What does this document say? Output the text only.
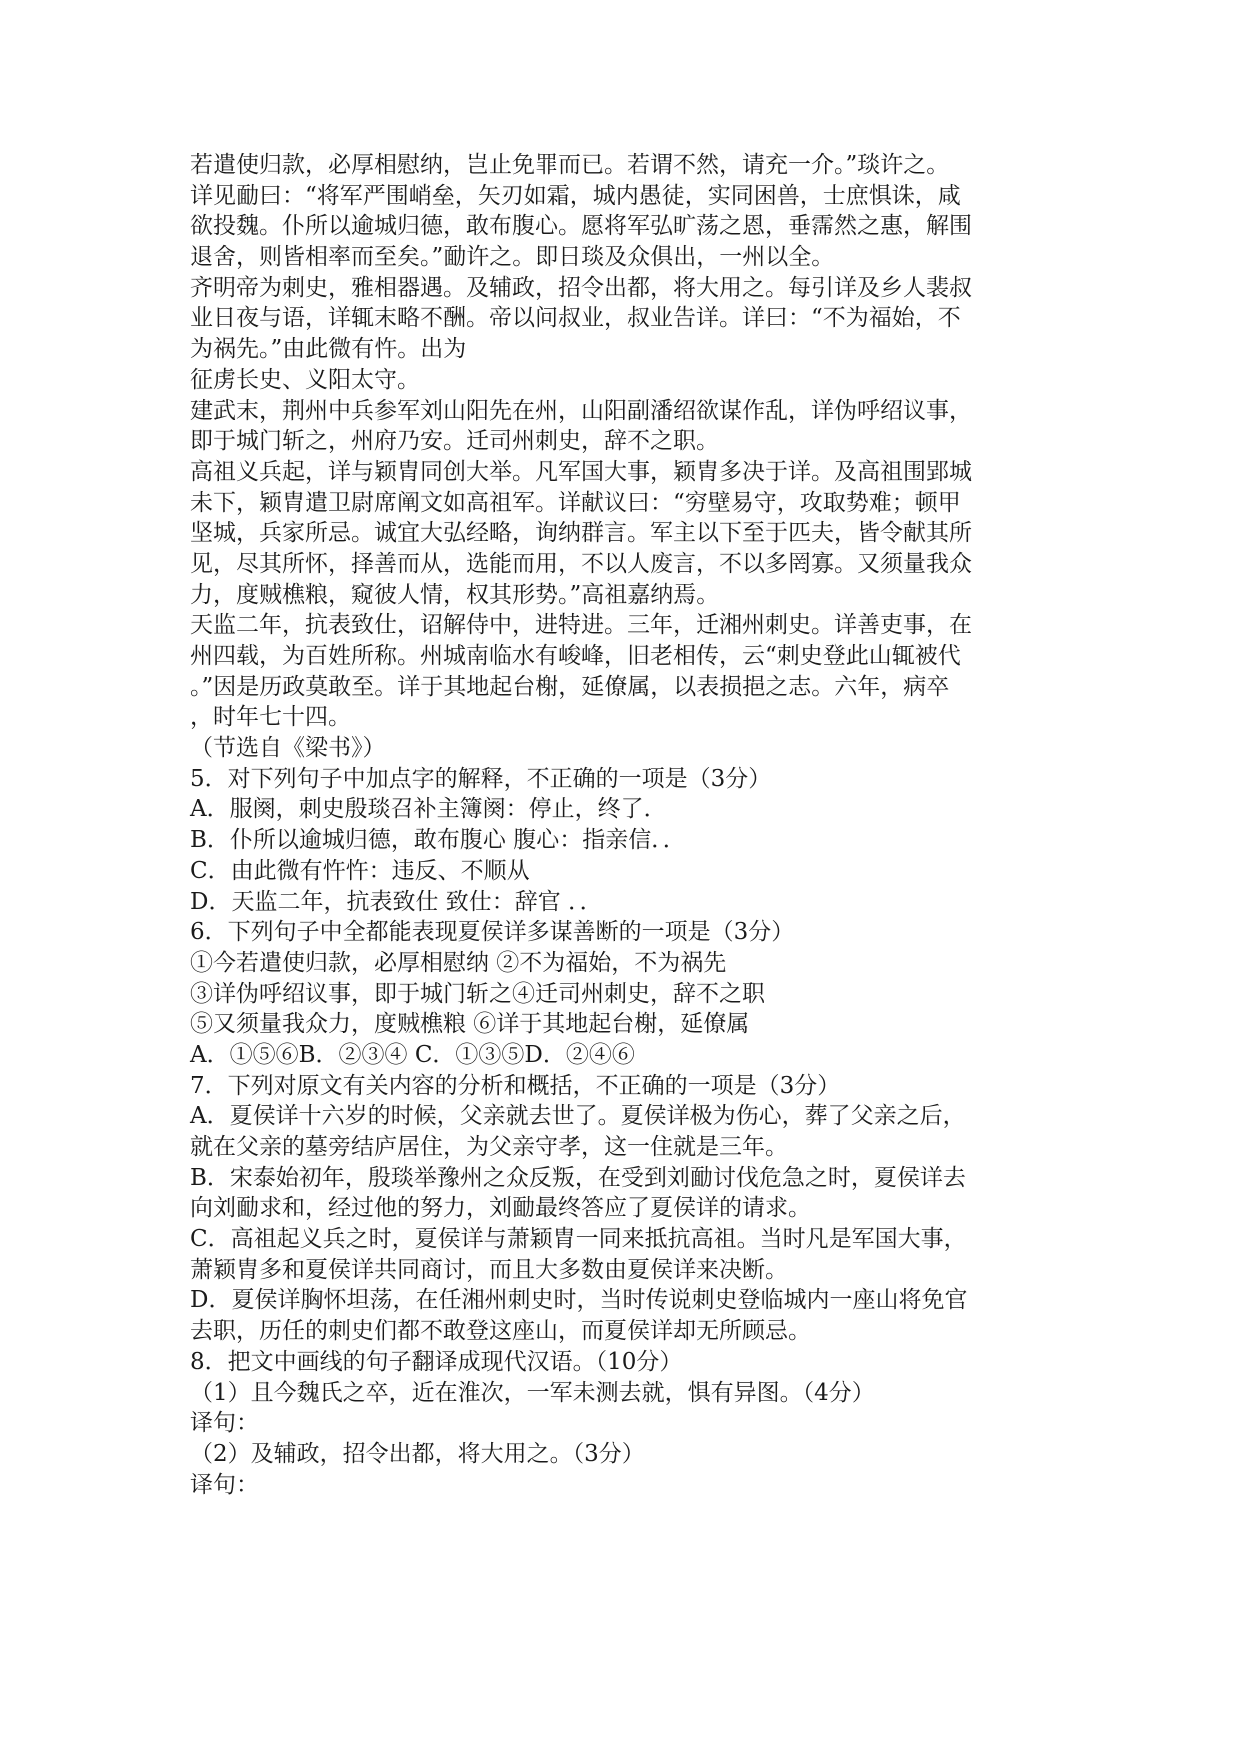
若遣使归款，必厚相慰纳，岂止免罪而已。若谓不然，请充一介。”琰许之。
详见勔曰：“将军严围峭垒，矢刃如霜，城内愚徒，实同困兽，士庶惧诛，咸
欲投魏。仆所以逾城归德，敢布腹心。愿将军弘旷荡之恩，垂霈然之惠，解围
退舍，则皆相率而至矣。”勔许之。即日琰及众俱出，一州以全。
齐明帝为刺史，雅相器遇。及辅政，招令出都，将大用之。每引详及乡人裴叔
业日夜与语，详辄末略不酬。帝以问叔业，叔业告详。详曰：“不为福始，不
为祸先。”由此微有忤。出为
征虏长史、义阳太守。
建武末，荆州中兵参军刘山阳先在州，山阳副潘绍欲谋作乱，详伪呼绍议事，
即于城门斩之，州府乃安。迁司州刺史，辞不之职。
高祖义兵起，详与颖胄同创大举。凡军国大事，颖胄多决于详。及高祖围郢城
未下，颖胄遣卫尉席阐文如高祖军。详献议曰：“穷壁易守，攻取势难；顿甲
坚城，兵家所忌。诚宜大弘经略，询纳群言。军主以下至于匹夫，皆令献其所
见，尽其所怀，择善而从，选能而用，不以人废言，不以多罔寡。又须量我众
力，度贼樵粮，窥彼人情，权其形势。”高祖嘉纳焉。
天监二年，抗表致仕，诏解侍中，进特进。三年，迁湘州刺史。详善吏事，在
州四载，为百姓所称。州城南临水有峻峰，旧老相传，云“刺史登此山辄被代
。”因是历政莫敢至。详于其地起台榭，延僚属，以表损挹之志。六年，病卒
，时年七十四。
（节选自《梁书》）
5．对下列句子中加点字的解释，不正确的一项是（3分）
A．服阕，刺史殷琰召补主簿阕：停止，终了．
B．仆所以逾城归德，敢布腹心 腹心：指亲信．．
C．由此微有忤忤：违反、不顺从
D．天监二年，抗表致仕 致仕：辞官 ．．
6．下列句子中全都能表现夏侯详多谋善断的一项是（3分）
①今若遣使归款，必厚相慰纳 ②不为福始，不为祸先
③详伪呼绍议事，即于城门斩之④迁司州刺史，辞不之职
⑤又须量我众力，度贼樵粮 ⑥详于其地起台榭，延僚属
A．①⑤⑥B．②③④ C．①③⑤D．②④⑥
7．下列对原文有关内容的分析和概括，不正确的一项是（3分）
A．夏侯详十六岁的时候，父亲就去世了。夏侯详极为伤心，葬了父亲之后，
就在父亲的墓旁结庐居住，为父亲守孝，这一住就是三年。
B．宋泰始初年，殷琰举豫州之众反叛，在受到刘勔讨伐危急之时，夏侯详去
向刘勔求和，经过他的努力，刘勔最终答应了夏侯详的请求。
C．高祖起义兵之时，夏侯详与萧颖胄一同来抵抗高祖。当时凡是军国大事，
萧颖胄多和夏侯详共同商讨，而且大多数由夏侯详来决断。
D．夏侯详胸怀坦荡，在任湘州刺史时，当时传说刺史登临城内一座山将免官
去职，历任的刺史们都不敢登这座山，而夏侯详却无所顾忌。
8．把文中画线的句子翻译成现代汉语。（10分）
（1）且今魏氏之卒，近在淮次，一军未测去就，惧有异图。（4分）
译句：
（2）及辅政，招令出都，将大用之。（3分）
译句：
